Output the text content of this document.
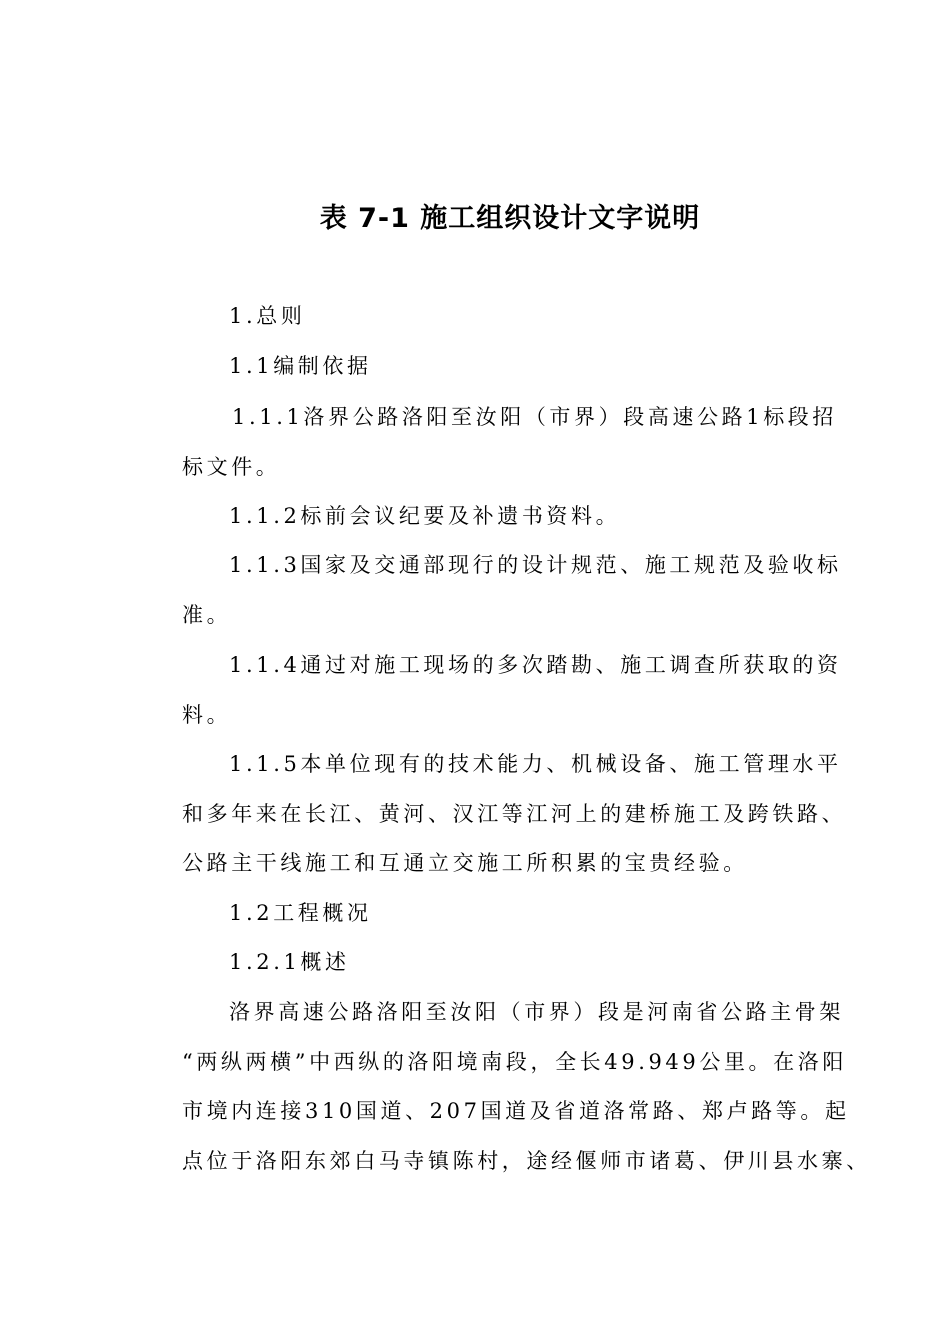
表 7-1 施工组织设计文字说明

1.总则

1.1编制依据

1.1.1洛界公路洛阳至汝阳（市界）段高速公路1标段招

标文件。

1.1.2标前会议纪要及补遗书资料。

1.1.3国家及交通部现行的设计规范、施工规范及验收标

准。

1.1.4通过对施工现场的多次踏勘、施工调查所获取的资

料。

1.1.5本单位现有的技术能力、机械设备、施工管理水平

和多年来在长江、黄河、汉江等江河上的建桥施工及跨铁路、

公路主干线施工和互通立交施工所积累的宝贵经验。

1.2工程概况

1.2.1概述

洛界高速公路洛阳至汝阳（市界）段是河南省公路主骨架

“两纵两横”中西纵的洛阳境南段，全长49.949公里。在洛阳

市境内连接310国道、207国道及省道洛常路、郑卢路等。起

点位于洛阳东郊白马寺镇陈村，途经偃师市诸葛、伊川县水寨、
